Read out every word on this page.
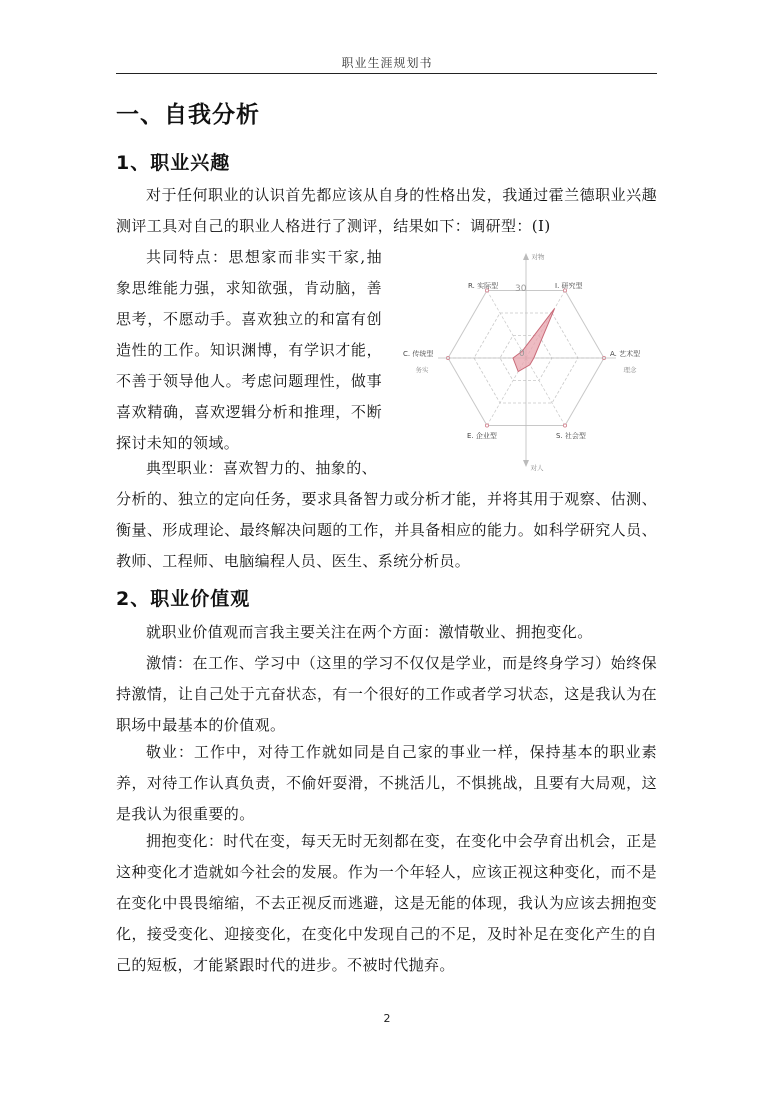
职业生涯规划书
一、自我分析
1、职业兴趣

对于任何职业的认识首先都应该从自身的性格出发，我通过霍兰德职业兴趣测评工具对自己的职业人格进行了测评，结果如下：调研型：(I)

共同特点：思想家而非实干家,抽象思维能力强，求知欲强，肯动脑，善思考，不愿动手。喜欢独立的和富有创造性的工作。知识渊博，有学识才能，不善于领导他人。考虑问题理性，做事喜欢精确，喜欢逻辑分析和推理，不断探讨未知的领域。

典型职业：喜欢智力的、抽象的、

分析的、独立的定向任务，要求具备智力或分析才能，并将其用于观察、估测、衡量、形成理论、最终解决问题的工作，并具备相应的能力。如科学研究人员、教师、工程师、电脑编程人员、医生、系统分析员。

I. 研究型
A. 艺术型
S. 社会型
E. 企业型
C. 传统型
R. 实际型
0
30
对物
对人
务实	理念
2、职业价值观

就职业价值观而言我主要关注在两个方面：激情敬业、拥抱变化。

激情：在工作、学习中（这里的学习不仅仅是学业，而是终身学习）始终保持激情，让自己处于亢奋状态，有一个很好的工作或者学习状态，这是我认为在职场中最基本的价值观。

敬业：工作中，对待工作就如同是自己家的事业一样，保持基本的职业素养，对待工作认真负责，不偷奸耍滑，不挑活儿，不惧挑战，且要有大局观，这是我认为很重要的。

拥抱变化：时代在变，每天无时无刻都在变，在变化中会孕育出机会，正是这种变化才造就如今社会的发展。作为一个年轻人，应该正视这种变化，而不是在变化中畏畏缩缩，不去正视反而逃避，这是无能的体现，我认为应该去拥抱变化，接受变化、迎接变化，在变化中发现自己的不足，及时补足在变化产生的自己的短板，才能紧跟时代的进步。不被时代抛弃。

2
